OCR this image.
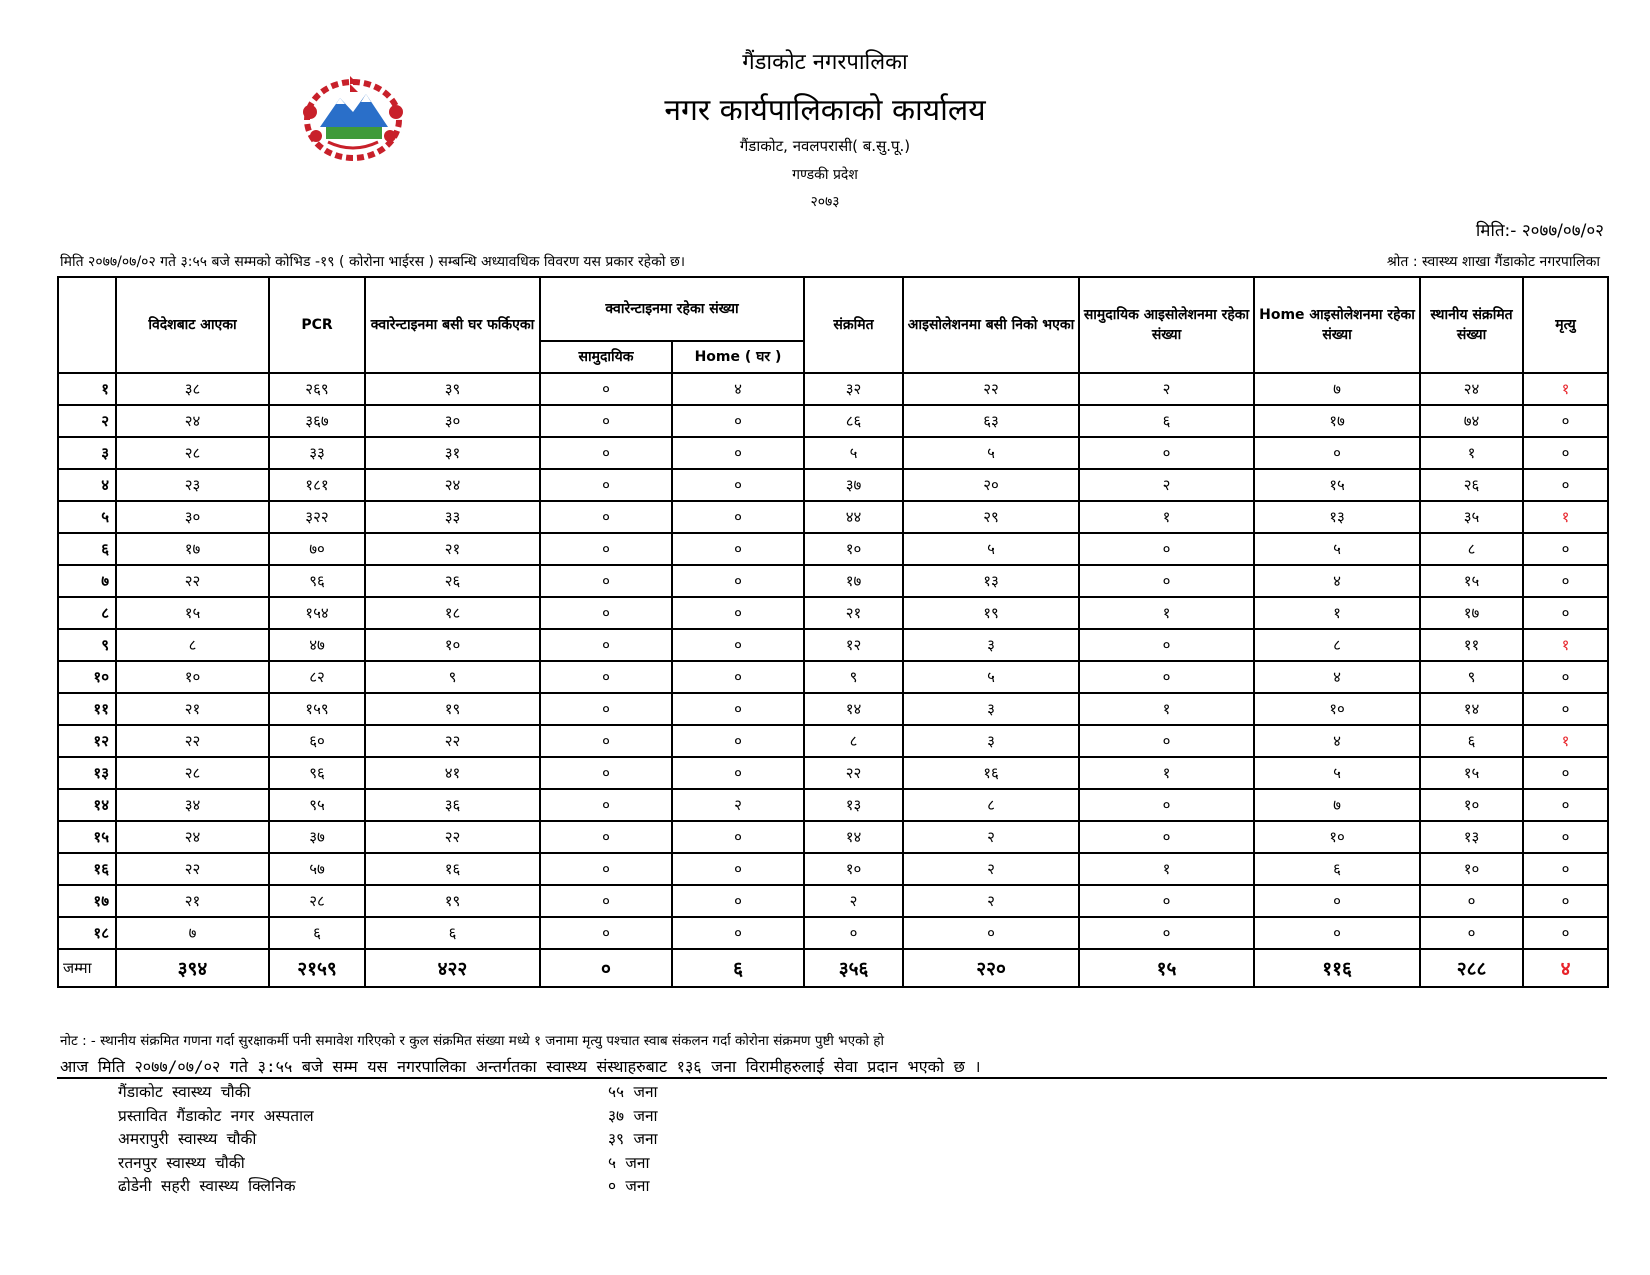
गैंडाकोट नगरपालिका
नगर कार्यपालिकाको कार्यालय
गैंडाकोट, नवलपरासी( ब.सु.पू.)
गण्डकी प्रदेश
२०७३
मिति:- २०७७/०७/०२
मिति २०७७/०७/०२ गते ३:५५ बजे सम्मको कोभिड -१९ ( कोरोना भाईरस ) सम्बन्धि अध्यावधिक विवरण यस प्रकार रहेको छ।	श्रोत : स्वास्थ्य शाखा गैंडाकोट नगरपालिका
	विदेशबाट आएका	PCR	क्वारेन्टाइनमा बसी घर फर्किएका	क्वारेन्टाइनमा रहेका संख्या		संक्रमित	आइसोलेशनमा बसी निको भएका	सामुदायिक आइसोलेशनमा रहेका संख्या	Home आइसोलेशनमा रहेका संख्या	स्थानीय संक्रमित संख्या	मृत्यु
				सामुदायिक	Home ( घर )						
१	३८	२६९	३९	०	४	३२	२२	२	७	२४	१
२	२४	३६७	३०	०	०	८६	६३	६	१७	७४	०
३	२८	३३	३१	०	०	५	५	०	०	१	०
४	२३	१८१	२४	०	०	३७	२०	२	१५	२६	०
५	३०	३२२	३३	०	०	४४	२९	१	१३	३५	१
६	१७	७०	२१	०	०	१०	५	०	५	८	०
७	२२	९६	२६	०	०	१७	१३	०	४	१५	०
८	१५	१५४	१८	०	०	२१	१९	१	१	१७	०
९	८	४७	१०	०	०	१२	३	०	८	११	१
१०	१०	८२	९	०	०	९	५	०	४	९	०
११	२१	१५९	१९	०	०	१४	३	१	१०	१४	०
१२	२२	६०	२२	०	०	८	३	०	४	६	१
१३	२८	९६	४१	०	०	२२	१६	१	५	१५	०
१४	३४	९५	३६	०	२	१३	८	०	७	१०	०
१५	२४	३७	२२	०	०	१४	२	०	१०	१३	०
१६	२२	५७	१६	०	०	१०	२	१	६	१०	०
१७	२१	२८	१९	०	०	२	२	०	०	०	०
१८	७	६	६	०	०	०	०	०	०	०	०
जम्मा	३९४	२१५९	४२२	०	६	३५६	२२०	१५	११६	२८८	४
नोट : - स्थानीय संक्रमित गणना गर्दा सुरक्षाकर्मी पनी समावेश गरिएको र कुल संक्रमित संख्या मध्ये १ जनामा मृत्यु पश्चात स्वाब संकलन गर्दा कोरोना संक्रमण पुष्टी भएको हो
आज मिति २०७७/०७/०२ गते ३:५५ बजे सम्म यस नगरपालिका अन्तर्गतका स्वास्थ्य संस्थाहरुबाट १३६ जना विरामीहरुलाई सेवा प्रदान भएको छ ।
गैंडाकोट स्वास्थ्य चौकी	५५ जना
प्रस्तावित गैंडाकोट नगर अस्पताल	३७ जना
अमरापुरी स्वास्थ्य चौकी	३९ जना
रतनपुर स्वास्थ्य चौकी	५ जना
ढोडेनी सहरी स्वास्थ्य क्लिनिक	० जना
